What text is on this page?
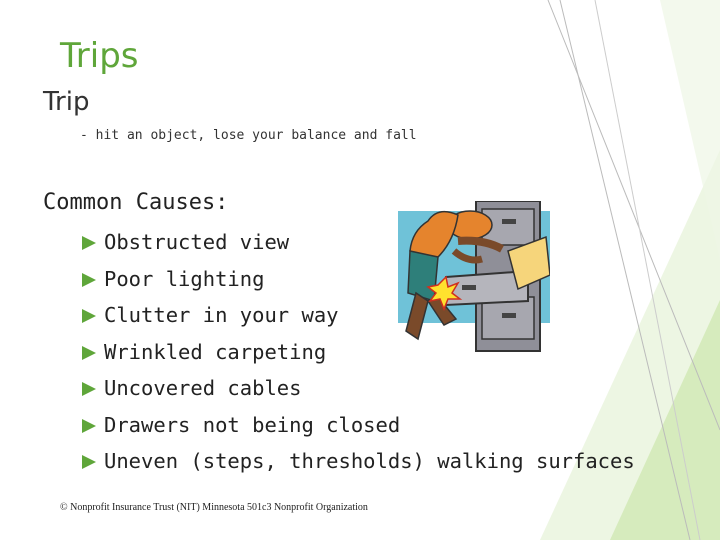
Trips
Trip
- hit an object, lose your balance and fall
Common Causes:
Obstructed view
Poor lighting
Clutter in your way
Wrinkled carpeting
Uncovered cables
Drawers not being closed
Uneven (steps, thresholds) walking surfaces
© Nonprofit Insurance Trust (NIT) Minnesota 501c3 Nonprofit Organization
